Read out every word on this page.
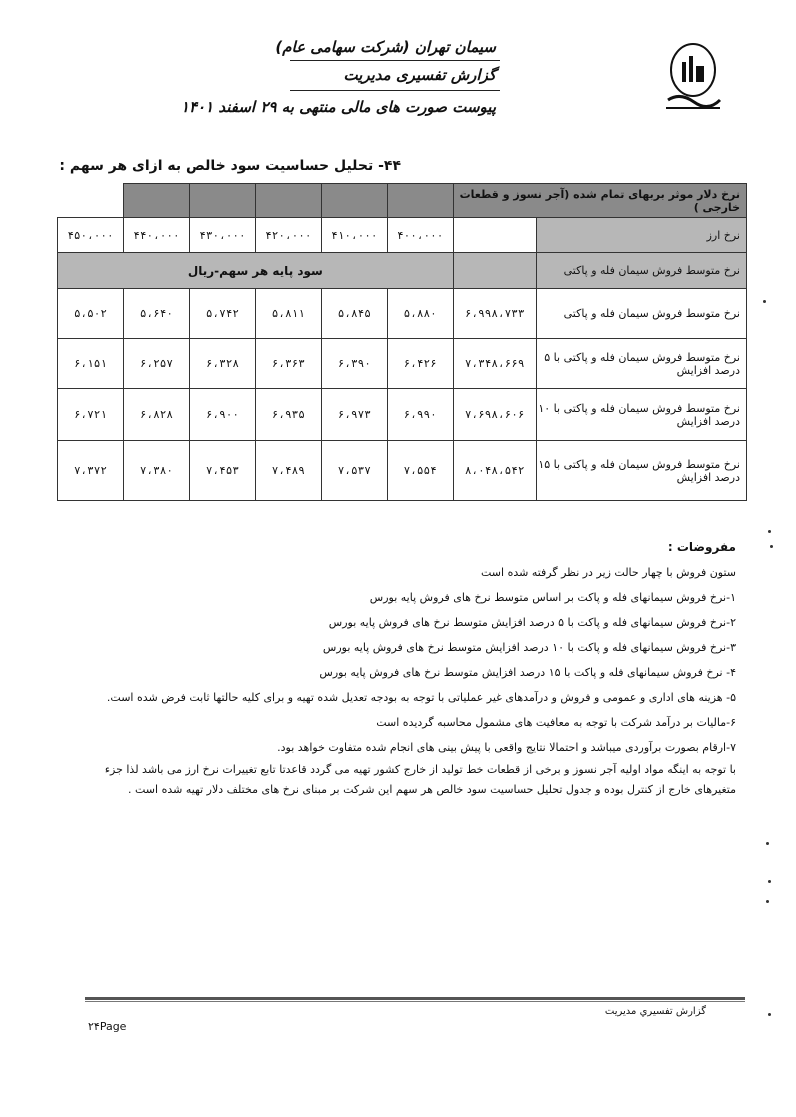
سیمان تهران (شرکت سهامی عام)
گزارش تفسیری مدیریت
پیوست صورت های مالی منتهی به ۲۹ اسفند ۱۴۰۱
۴۴- تحلیل حساسیت سود خالص به ازای هر سهم :
نرخ دلار موثر بربهای تمام شده (آجر نسوز و قطعات خارجی )							
نرخ ارز		۴۰۰،۰۰۰	۴۱۰،۰۰۰	۴۲۰،۰۰۰	۴۳۰،۰۰۰	۴۴۰،۰۰۰	۴۵۰،۰۰۰
نرخ متوسط فروش سیمان فله و پاکتی		سود پایه هر سهم-ریال					
نرخ متوسط فروش سیمان فله و پاکتی	۶،۹۹۸،۷۳۳	۵،۸۸۰	۵،۸۴۵	۵،۸۱۱	۵،۷۴۲	۵،۶۴۰	۵،۵۰۲
نرخ متوسط فروش سیمان فله و پاکتی با ۵ درصد افزایش	۷،۳۴۸،۶۶۹	۶،۴۲۶	۶،۳۹۰	۶،۳۶۳	۶،۳۲۸	۶،۲۵۷	۶،۱۵۱
نرخ متوسط فروش سیمان فله و پاکتی با ۱۰ درصد افزایش	۷،۶۹۸،۶۰۶	۶،۹۹۰	۶،۹۷۳	۶،۹۳۵	۶،۹۰۰	۶،۸۲۸	۶،۷۲۱
نرخ متوسط فروش سیمان فله و پاکتی با ۱۵ درصد افزایش	۸،۰۴۸،۵۴۲	۷،۵۵۴	۷،۵۳۷	۷،۴۸۹	۷،۴۵۳	۷،۳۸۰	۷،۳۷۲

مفروضات :

ستون فروش با چهار حالت زیر در نظر گرفته شده است

۱-نرخ فروش سیمانهای فله و پاکت بر اساس متوسط نرخ های فروش پایه بورس

۲-نرخ فروش سیمانهای فله و پاکت با ۵ درصد افزایش متوسط نرخ های فروش پایه بورس

۳-نرخ فروش سیمانهای فله و پاکت با ۱۰ درصد افزایش متوسط نرخ های فروش پایه بورس

۴- نرخ فروش سیمانهای فله و پاکت با ۱۵ درصد افزایش متوسط نرخ های فروش پایه بورس

۵- هزینه های اداری و عمومی و فروش و درآمدهای غیر عملیاتی با توجه به بودجه تعدیل شده تهیه و برای کلیه حالتها ثابت فرض شده است.

۶-مالیات بر درآمد شرکت با توجه به معافیت های مشمول محاسبه گردیده است

۷-ارقام بصورت برآوردی میباشد و احتمالا نتایج واقعی با پیش بینی های انجام شده متفاوت خواهد بود.

با توجه به اینگه مواد اولیه آجر نسوز و برخی از قطعات خط تولید از خارج کشور تهیه می گردد قاعدتا تابع تغییرات نرخ ارز می باشد لذا جزء متغیرهای خارج از کنترل بوده و جدول تحلیل حساسیت سود خالص هر سهم این شرکت بر مبنای نرخ های مختلف دلار تهیه شده است .

گزارش تفسیري مديريت
۲۴Page
